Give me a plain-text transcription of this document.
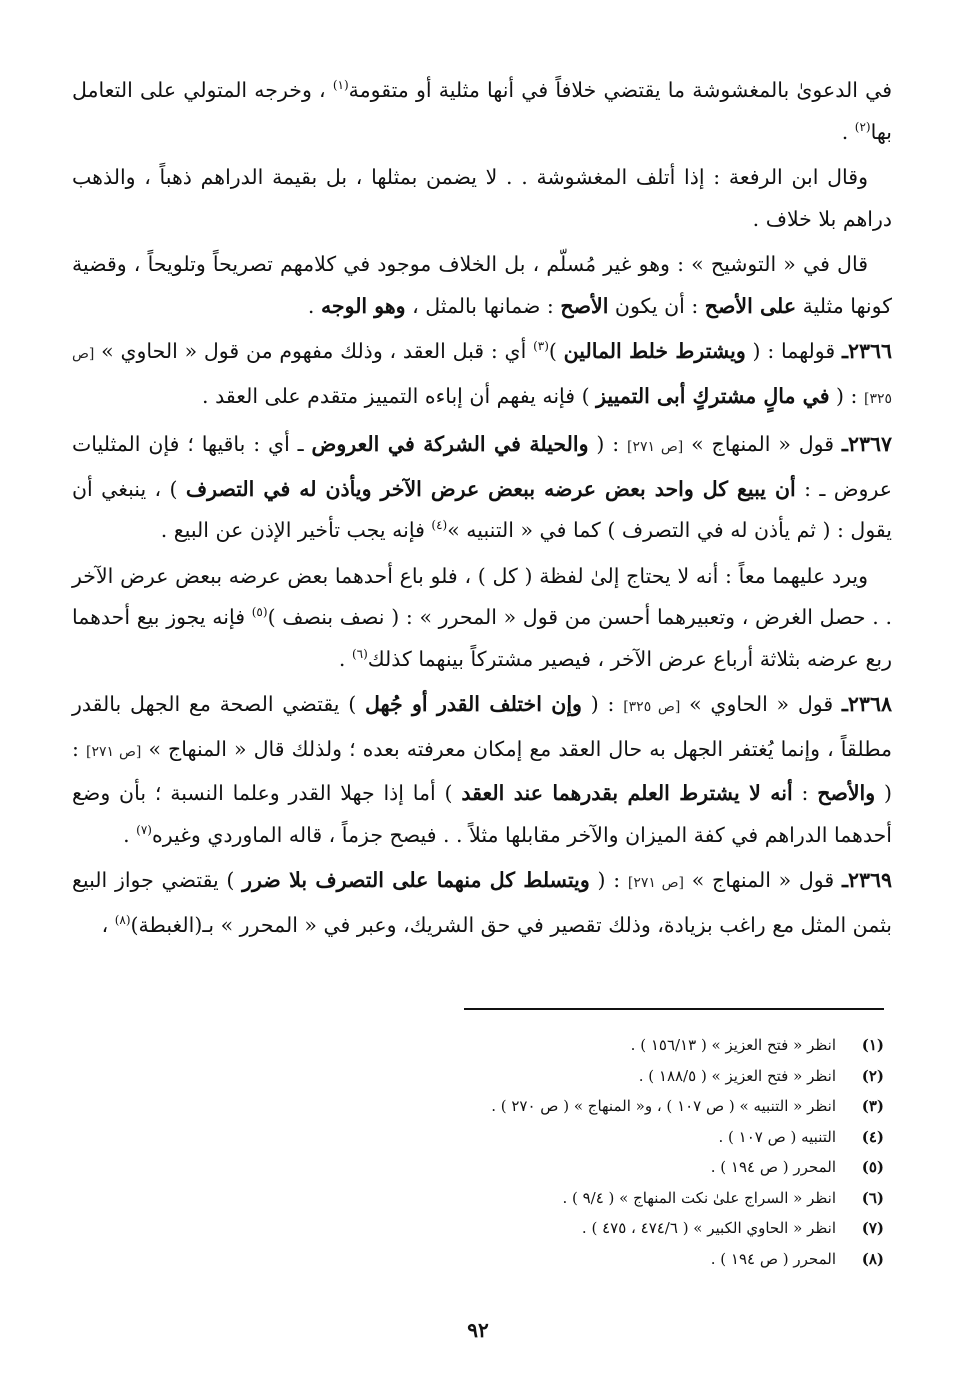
في الدعوىٰ بالمغشوشة ما يقتضي خلافاً في أنها مثلية أو متقومة$^{(١)}$ ، وخرجه المتولي على التعامل بها$^{(٢)}$ .

وقال ابن الرفعة : إذا أتلف المغشوشة . . لا يضمن بمثلها ، بل بقيمة الدراهم ذهباً ، والذهب دراهم بلا خلاف .

قال في « التوشيح » : وهو غير مُسلّم ، بل الخلاف موجود في كلامهم تصريحاً وتلويحاً ، وقضية كونها مثلية على الأصح : أن يكون الأصح : ضمانها بالمثل ، وهو الوجه .

٢٣٦٦ـ قولهما : ( ويشترط خلط المالين )$^{(٣)}$ أي : قبل العقد ، وذلك مفهوم من قول « الحاوي » [ص ٣٢٥] : ( في مالٍ مشتركٍ أبى التمييز ) فإنه يفهم أن إباءه التمييز متقدم على العقد .

٢٣٦٧ـ قول « المنهاج » [ص ٢٧١] : ( والحيلة في الشركة في العروض ـ أي : باقيها ؛ فإن المثليات عروض ـ : أن يبيع كل واحد بعض عرضه ببعض عرض الآخر ويأذن له في التصرف ) ، ينبغي أن يقول : ( ثم يأذن له في التصرف ) كما في « التنبيه »$^{(٤)}$ فإنه يجب تأخير الإذن عن البيع .

ويرد عليهما معاً : أنه لا يحتاج إلىٰ لفظة ( كل ) ، فلو باع أحدهما بعض عرضه ببعض عرض الآخر . . حصل الغرض ، وتعبيرهما أحسن من قول « المحرر » : ( نصف بنصف )$^{(٥)}$ فإنه يجوز بيع أحدهما ربع عرضه بثلاثة أرباع عرض الآخر ، فيصير مشتركاً بينهما كذلك$^{(٦)}$ .

٢٣٦٨ـ قول « الحاوي » [ص ٣٢٥] : ( وإن اختلف القدر أو جُهل ) يقتضي الصحة مع الجهل بالقدر مطلقاً ، وإنما يُغتفر الجهل به حال العقد مع إمكان معرفته بعده ؛ ولذلك قال « المنهاج » [ص ٢٧١] : ( والأصح : أنه لا يشترط العلم بقدرهما عند العقد ) أما إذا جهلا القدر وعلما النسبة ؛ بأن وضع أحدهما الدراهم في كفة الميزان والآخر مقابلها مثلاً . . فيصح جزماً ، قاله الماوردي وغيره$^{(٧)}$ .

٢٣٦٩ـ قول « المنهاج » [ص ٢٧١] : ( ويتسلط كل منهما على التصرف بلا ضرر ) يقتضي جواز البيع بثمن المثل مع راغب بزيادة، وذلك تقصير في حق الشريك، وعبر في « المحرر » بـ(الغبطة)$^{(٨)}$ ،

(١)
انظر « فتح العزيز » ( ١٥٦/١٣ ) .
(٢)
انظر « فتح العزيز » ( ١٨٨/٥ ) .
(٣)
انظر « التنبيه » ( ص ١٠٧ ) ، و« المنهاج » ( ص ٢٧٠ ) .
(٤)
التنبيه ( ص ١٠٧ ) .
(٥)
المحرر ( ص ١٩٤ ) .
(٦)
انظر « السراج علىٰ نكت المنهاج » ( ٩/٤ ) .
(٧)
انظر « الحاوي الكبير » ( ٤٧٤/٦ ، ٤٧٥ ) .
(٨)
المحرر ( ص ١٩٤ ) .
٩٢
